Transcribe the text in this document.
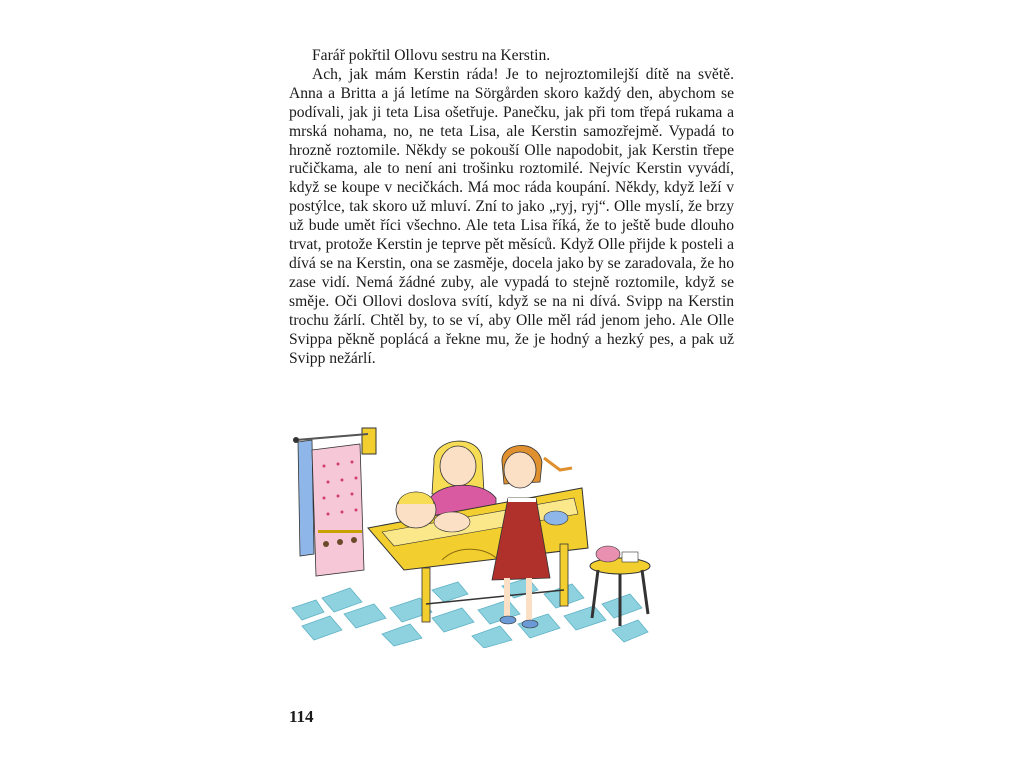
Farář pokřtil Ollovu sestru na Kerstin.

Ach, jak mám Kerstin ráda! Je to nejroztomilejší dítě na světě. Anna a Britta a já letíme na Sörgården skoro každý den, abychom se podívali, jak ji teta Lisa ošetřuje. Panečku, jak při tom třepá rukama a mrská nohama, no, ne teta Lisa, ale Kerstin samozřejmě. Vypadá to hrozně roztomile. Někdy se pokouší Olle napodobit, jak Kerstin třepe ručičkama, ale to není ani trošinku roztomilé. Nejvíc Kerstin vyvádí, když se koupe v necičkách. Má moc ráda koupání. Někdy, když leží v postýlce, tak skoro už mluví. Zní to jako „ryj, ryj“. Olle myslí, že brzy už bude umět říci všechno. Ale teta Lisa říká, že to ještě bude dlouho trvat, protože Kerstin je teprve pět měsíců. Když Olle přijde k posteli a dívá se na Kerstin, ona se zasměje, docela jako by se zaradovala, že ho zase vidí. Nemá žádné zuby, ale vypadá to stejně roztomile, když se směje. Oči Ollovi doslova svítí, když se na ni dívá. Svipp na Kerstin trochu žárlí. Chtěl by, to se ví, aby Olle měl rád jenom jeho. Ale Olle Svippa pěkně poplácá a řekne mu, že je hodný a hezký pes, a pak už Svipp nežárlí.

114
